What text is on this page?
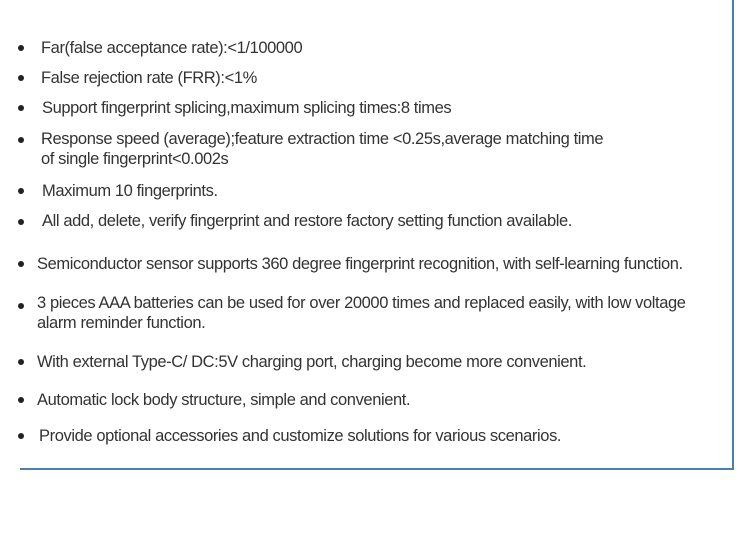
Far(false acceptance rate):<1/100000
False rejection rate (FRR):<1%
Support fingerprint splicing,maximum splicing times:8 times
Response speed (average);feature extraction time <0.25s,average matching time
of single fingerprint<0.002s
Maximum 10 fingerprints.
All add, delete, verify fingerprint and restore factory setting function available.
Semiconductor sensor supports 360 degree fingerprint recognition, with self-learning function.
3 pieces AAA batteries can be used for over 20000 times and replaced easily, with low voltage
alarm reminder function.
With external Type-C/ DC:5V charging port, charging become more convenient.
Automatic lock body structure, simple and convenient.
Provide optional accessories and customize solutions for various scenarios.
